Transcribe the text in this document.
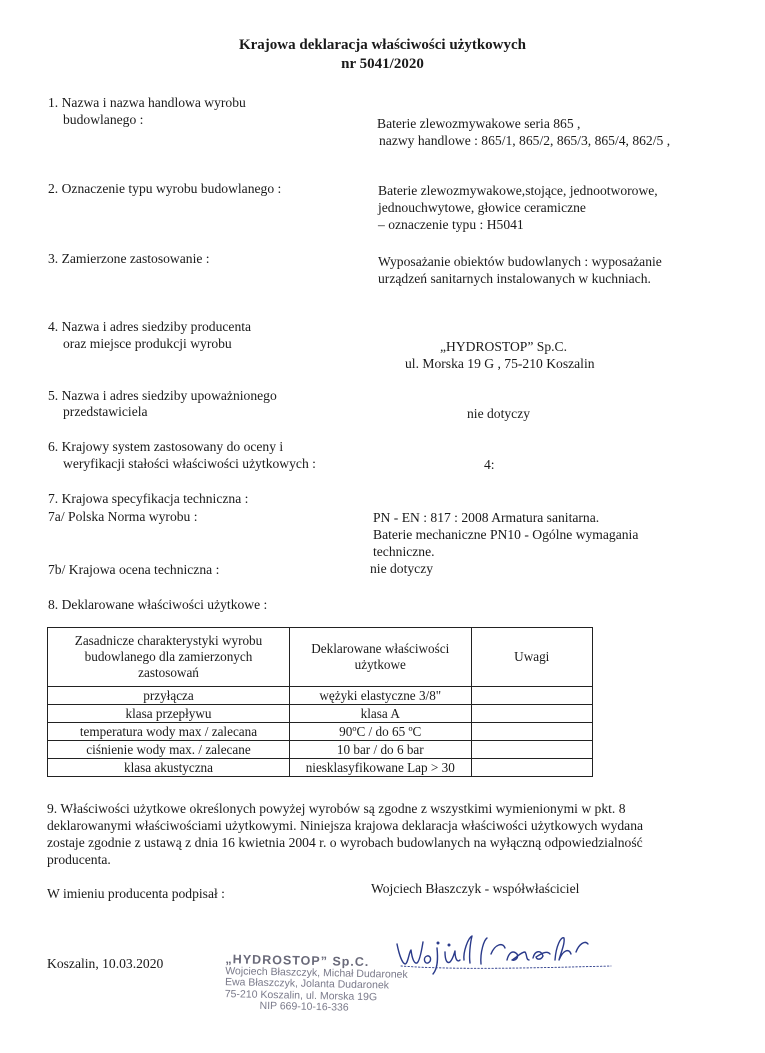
Krajowa deklaracja właściwości użytkowych
nr 5041/2020
1. Nazwa i nazwa handlowa wyrobu
budowlanego :	Baterie zlewozmywakowe seria 865 ,
nazwy handlowe : 865/1, 865/2, 865/3, 865/4, 862/5 ,
2. Oznaczenie typu wyrobu budowlanego :	Baterie zlewozmywakowe,stojące, jednootworowe,
jednouchwytowe, głowice ceramiczne
– oznaczenie typu : H5041
3. Zamierzone zastosowanie :	Wyposażanie obiektów budowlanych : wyposażanie
urządzeń sanitarnych instalowanych w kuchniach.
4. Nazwa i adres siedziby producenta
oraz miejsce produkcji wyrobu	„HYDROSTOP” Sp.C.
ul. Morska 19 G , 75-210 Koszalin
5. Nazwa i adres siedziby upoważnionego
przedstawiciela	nie dotyczy
6. Krajowy system zastosowany do oceny i
weryfikacji stałości właściwości użytkowych :	4:
7. Krajowa specyfikacja techniczna :
7a/ Polska Norma wyrobu :	PN - EN : 817 : 2008 Armatura sanitarna.
Baterie mechaniczne PN10 - Ogólne wymagania
techniczne.
7b/ Krajowa ocena techniczna :	nie dotyczy
8. Deklarowane właściwości użytkowe :
Zasadnicze charakterystyki wyrobu
budowlanego dla zamierzonych
zastosowań	Deklarowane właściwości
użytkowe	Uwagi
przyłącza	wężyki elastyczne 3/8"	
klasa przepływu	klasa A	
temperatura wody max / zalecana	90ºC / do 65 ºC	
ciśnienie wody max. / zalecane	10 bar / do 6 bar	
klasa akustyczna	niesklasyfikowane Lap > 30	
9. Właściwości użytkowe określonych powyżej wyrobów są zgodne z wszystkimi wymienionymi w pkt. 8
deklarowanymi właściwościami użytkowymi. Niniejsza krajowa deklaracja właściwości użytkowych wydana
zostaje zgodnie z ustawą z dnia 16 kwietnia 2004 r. o wyrobach budowlanych na wyłączną odpowiedzialność
producenta.
W imieniu producenta podpisał :	Wojciech Błaszczyk - współwłaściciel
Koszalin, 10.03.2020	„HYDROSTOP” Sp.C.
Wojciech Błaszczyk, Michał Dudaronek
Ewa Błaszczyk, Jolanta Dudaronek
75-210 Koszalin, ul. Morska 19G
NIP 669-10-16-336
